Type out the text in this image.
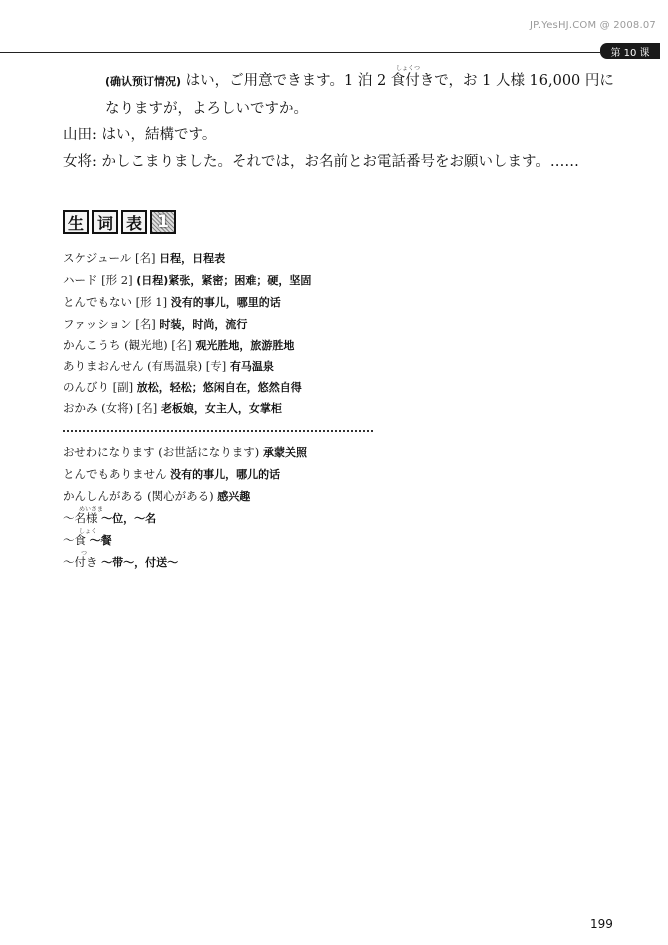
JP.YesHJ.COM @ 2008.07
第 10 课
(确认预订情况) はい，ご用意できます。1 泊 2 食付きで，お 1 人様 16,000 円に
しょくつ
なりますが，よろしいですか。
山田: はい，結構です。
女将: かしこまりました。それでは，お名前とお電話番号をお願いします。……
生 词 表 1
スケジュール [名] 日程，日程表
ハード [形 2] (日程)紧张，紧密；困难；硬，坚固
とんでもない [形 1] 没有的事儿，哪里的话
ファッション [名] 时装，时尚，流行
かんこうち (観光地) [名] 观光胜地，旅游胜地
ありまおんせん (有馬温泉) [专] 有马温泉
のんびり [副] 放松，轻松；悠闲自在，悠然自得
おかみ (女将) [名] 老板娘，女主人，女掌柜
おせわになります (お世話になります) 承蒙关照
とんでもありません 没有的事儿，哪儿的话
かんしんがある (関心がある) 感兴趣
めいさま
～名様 ～位，～名
しょく
～食 ～餐
つ
～付き ～带～，付送～
199
